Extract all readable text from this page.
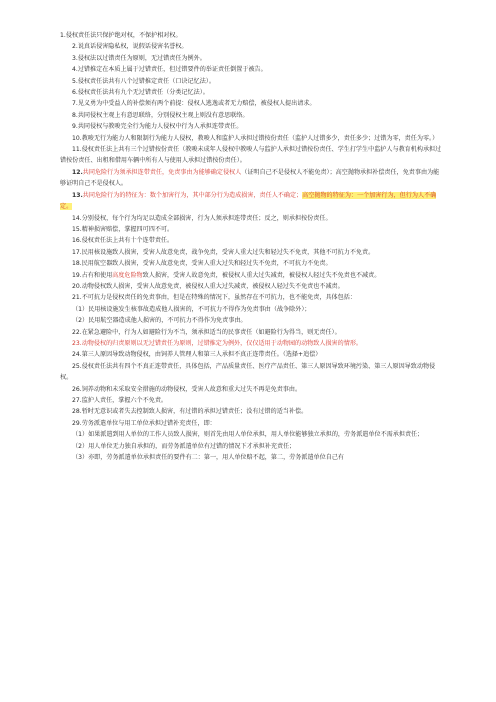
1.侵权责任法只保护绝对权，不保护相对权。

2.说真话侵害隐私权，说假话侵害名誉权。

3.侵权法以过错责任为原则，无过错责任为例外。

4.过错推定在本质上属于过错责任，但过错要件的举证责任倒置于被告。

5.侵权责任法共有八个过错推定责任（口诀记忆法）。

6.侵权责任法共有九个无过错责任（分类记忆法）。

7.见义勇为中受益人的补偿须有两个前提：侵权人逃逸或者无力赔偿，被侵权人提出请求。

8.共同侵权主观上有意思联络，分别侵权主观上则没有意思联络。

9.共同侵权与教唆完全行为能力人侵权中行为人承担连带责任。

10.教唆无行为能力人和限制行为能力人侵权，教唆人和监护人承担过错按份责任（监护人过错多少，责任多少；过错为零，责任为零。）

11.侵权责任法上共有三个过错按份责任（教唆未成年人侵权中教唆人与监护人承担过错按份责任、学生打学生中监护人与教育机构承担过错按份责任、出租和借用车辆中所有人与使用人承担过错按份责任）。

12.共同危险行为须承担连带责任，免责事由为能够确定侵权人（证明自己不是侵权人不能免责）；高空抛物承担补偿责任，免责事由为能够证明自己不是侵权人。

13.共同危险行为的特征为：数个加害行为，其中部分行为造成损害，责任人不确定；高空抛物的特征为：一个加害行为，但行为人不确定。

14.分别侵权，每个行为均足以造成全部损害，行为人须承担连带责任；反之，则承担按份责任。

15.精神损害赔偿，掌握四可四不可。

16.侵权责任法上共有十个连带责任。

17.民用核设施致人损害，受害人故意免责，战争免责，受害人重大过失和轻过失不免责，其他不可抗力不免责。

18.民用航空器致人损害，受害人故意免责，受害人重大过失和轻过失不免责，不可抗力不免责。

19.占有和使用高度危险物致人损害，受害人故意免责，被侵权人重大过失减责，被侵权人轻过失不免责也不减责。

20.动物侵权致人损害，受害人故意免责，被侵权人重大过失减责，被侵权人轻过失不免责也不减责。

21.不可抗力是侵权责任的免责事由，但是在特殊的情况下，虽然存在不可抗力，也不能免责，具体包括：

（1）民用核设施发生核事故造成他人损害的，不可抗力不得作为免责事由（战争除外）；

（2）民用航空器造成他人损害的，不可抗力不得作为免责事由。

22.在紧急避险中，行为人如避险行为不当，须承担适当的民事责任（如避险行为得当，则无责任）。

23.动物侵权的归责原则以无过错责任为原则，过错推定为例外，仅仅适用于动物园的动物致人损害的情形。

24.第三人原因导致动物侵权，由饲养人管理人和第三人承担不真正连带责任。（选择+追偿）

25.侵权责任法共有四个不真正连带责任，具体包括，产品质量责任、医疗产品责任、第三人原因导致环境污染、第三人原因导致动物侵权。

26.饲养动物和未采取安全措施的动物侵权，受害人故意和重大过失不再是免责事由。

27.监护人责任，掌握六个不免责。

28.暂时无意识或者失去控制致人损害，有过错的承担过错责任；没有过错的适当补偿。

29.劳务派遣单位与用工单位承担过错补充责任，即：

（1）如果派遣到用人单位的工作人员致人损害，则首先由用人单位承担，用人单位能够独立承担的，劳务派遣单位不需承担责任；

（2）用人单位无力独自承担的，而劳务派遣单位有过错的情况下才承担补充责任；

（3）亦即，劳务派遣单位承担责任的要件有二：第一，用人单位赔不起，第二，劳务派遣单位自己有
